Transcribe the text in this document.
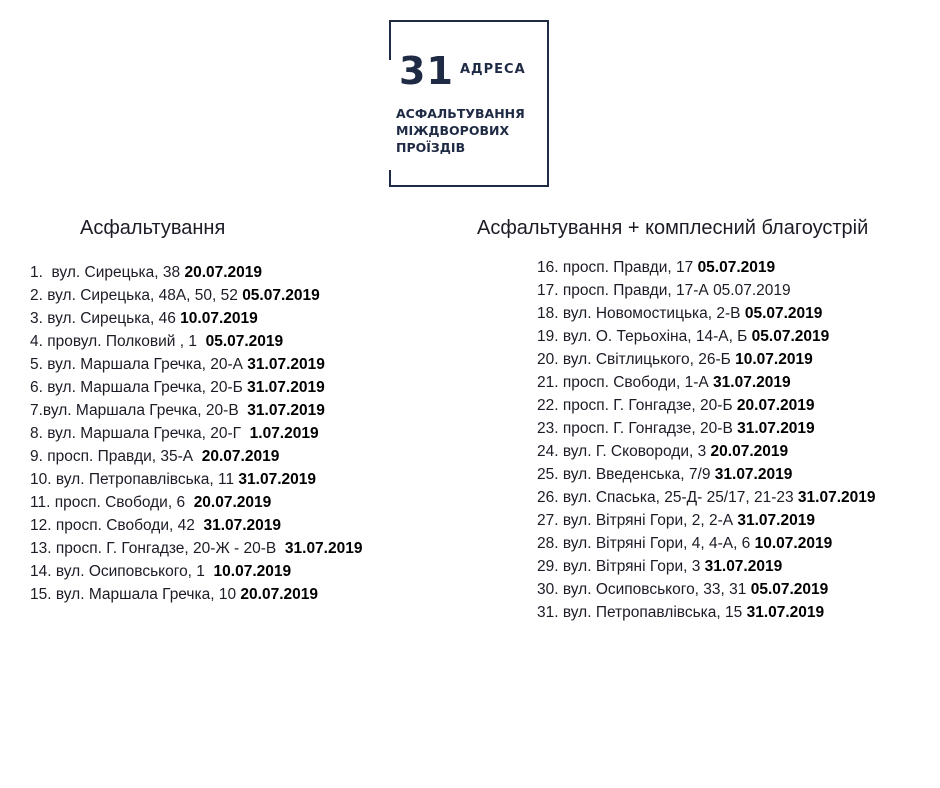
31 АДРЕСА
АСФАЛЬТУВАННЯ
МІЖДВОРОВИХ
ПРОЇЗДІВ
Асфальтування	Асфальтування + комплесний благоустрій
1.  вул. Сирецька, 38 20.07.2019
2. вул. Сирецька, 48А, 50, 52 05.07.2019
3. вул. Сирецька, 46 10.07.2019
4. провул. Полковий , 1  05.07.2019
5. вул. Маршала Гречка, 20-А 31.07.2019
6. вул. Маршала Гречка, 20-Б 31.07.2019
7.вул. Маршала Гречка, 20-В  31.07.2019
8. вул. Маршала Гречка, 20-Г  1.07.2019
9. просп. Правди, 35-А  20.07.2019
10. вул. Петропавлівська, 11 31.07.2019
11. просп. Свободи, 6  20.07.2019
12. просп. Свободи, 42  31.07.2019
13. просп. Г. Гонгадзе, 20-Ж - 20-В  31.07.2019
14. вул. Осиповського, 1  10.07.2019
15. вул. Маршала Гречка, 10 20.07.2019
16. просп. Правди, 17 05.07.2019
17. просп. Правди, 17-А 05.07.2019
18. вул. Новомостицька, 2-В 05.07.2019
19. вул. О. Терьохіна, 14-А, Б 05.07.2019
20. вул. Світлицького, 26-Б 10.07.2019
21. просп. Свободи, 1-А 31.07.2019
22. просп. Г. Гонгадзе, 20-Б 20.07.2019
23. просп. Г. Гонгадзе, 20-В 31.07.2019
24. вул. Г. Сковороди, 3 20.07.2019
25. вул. Введенська, 7/9 31.07.2019
26. вул. Спаська, 25-Д- 25/17, 21-23 31.07.2019
27. вул. Вітряні Гори, 2, 2-А 31.07.2019
28. вул. Вітряні Гори, 4, 4-А, 6 10.07.2019
29. вул. Вітряні Гори, 3 31.07.2019
30. вул. Осиповського, 33, 31 05.07.2019
31. вул. Петропавлівська, 15 31.07.2019
